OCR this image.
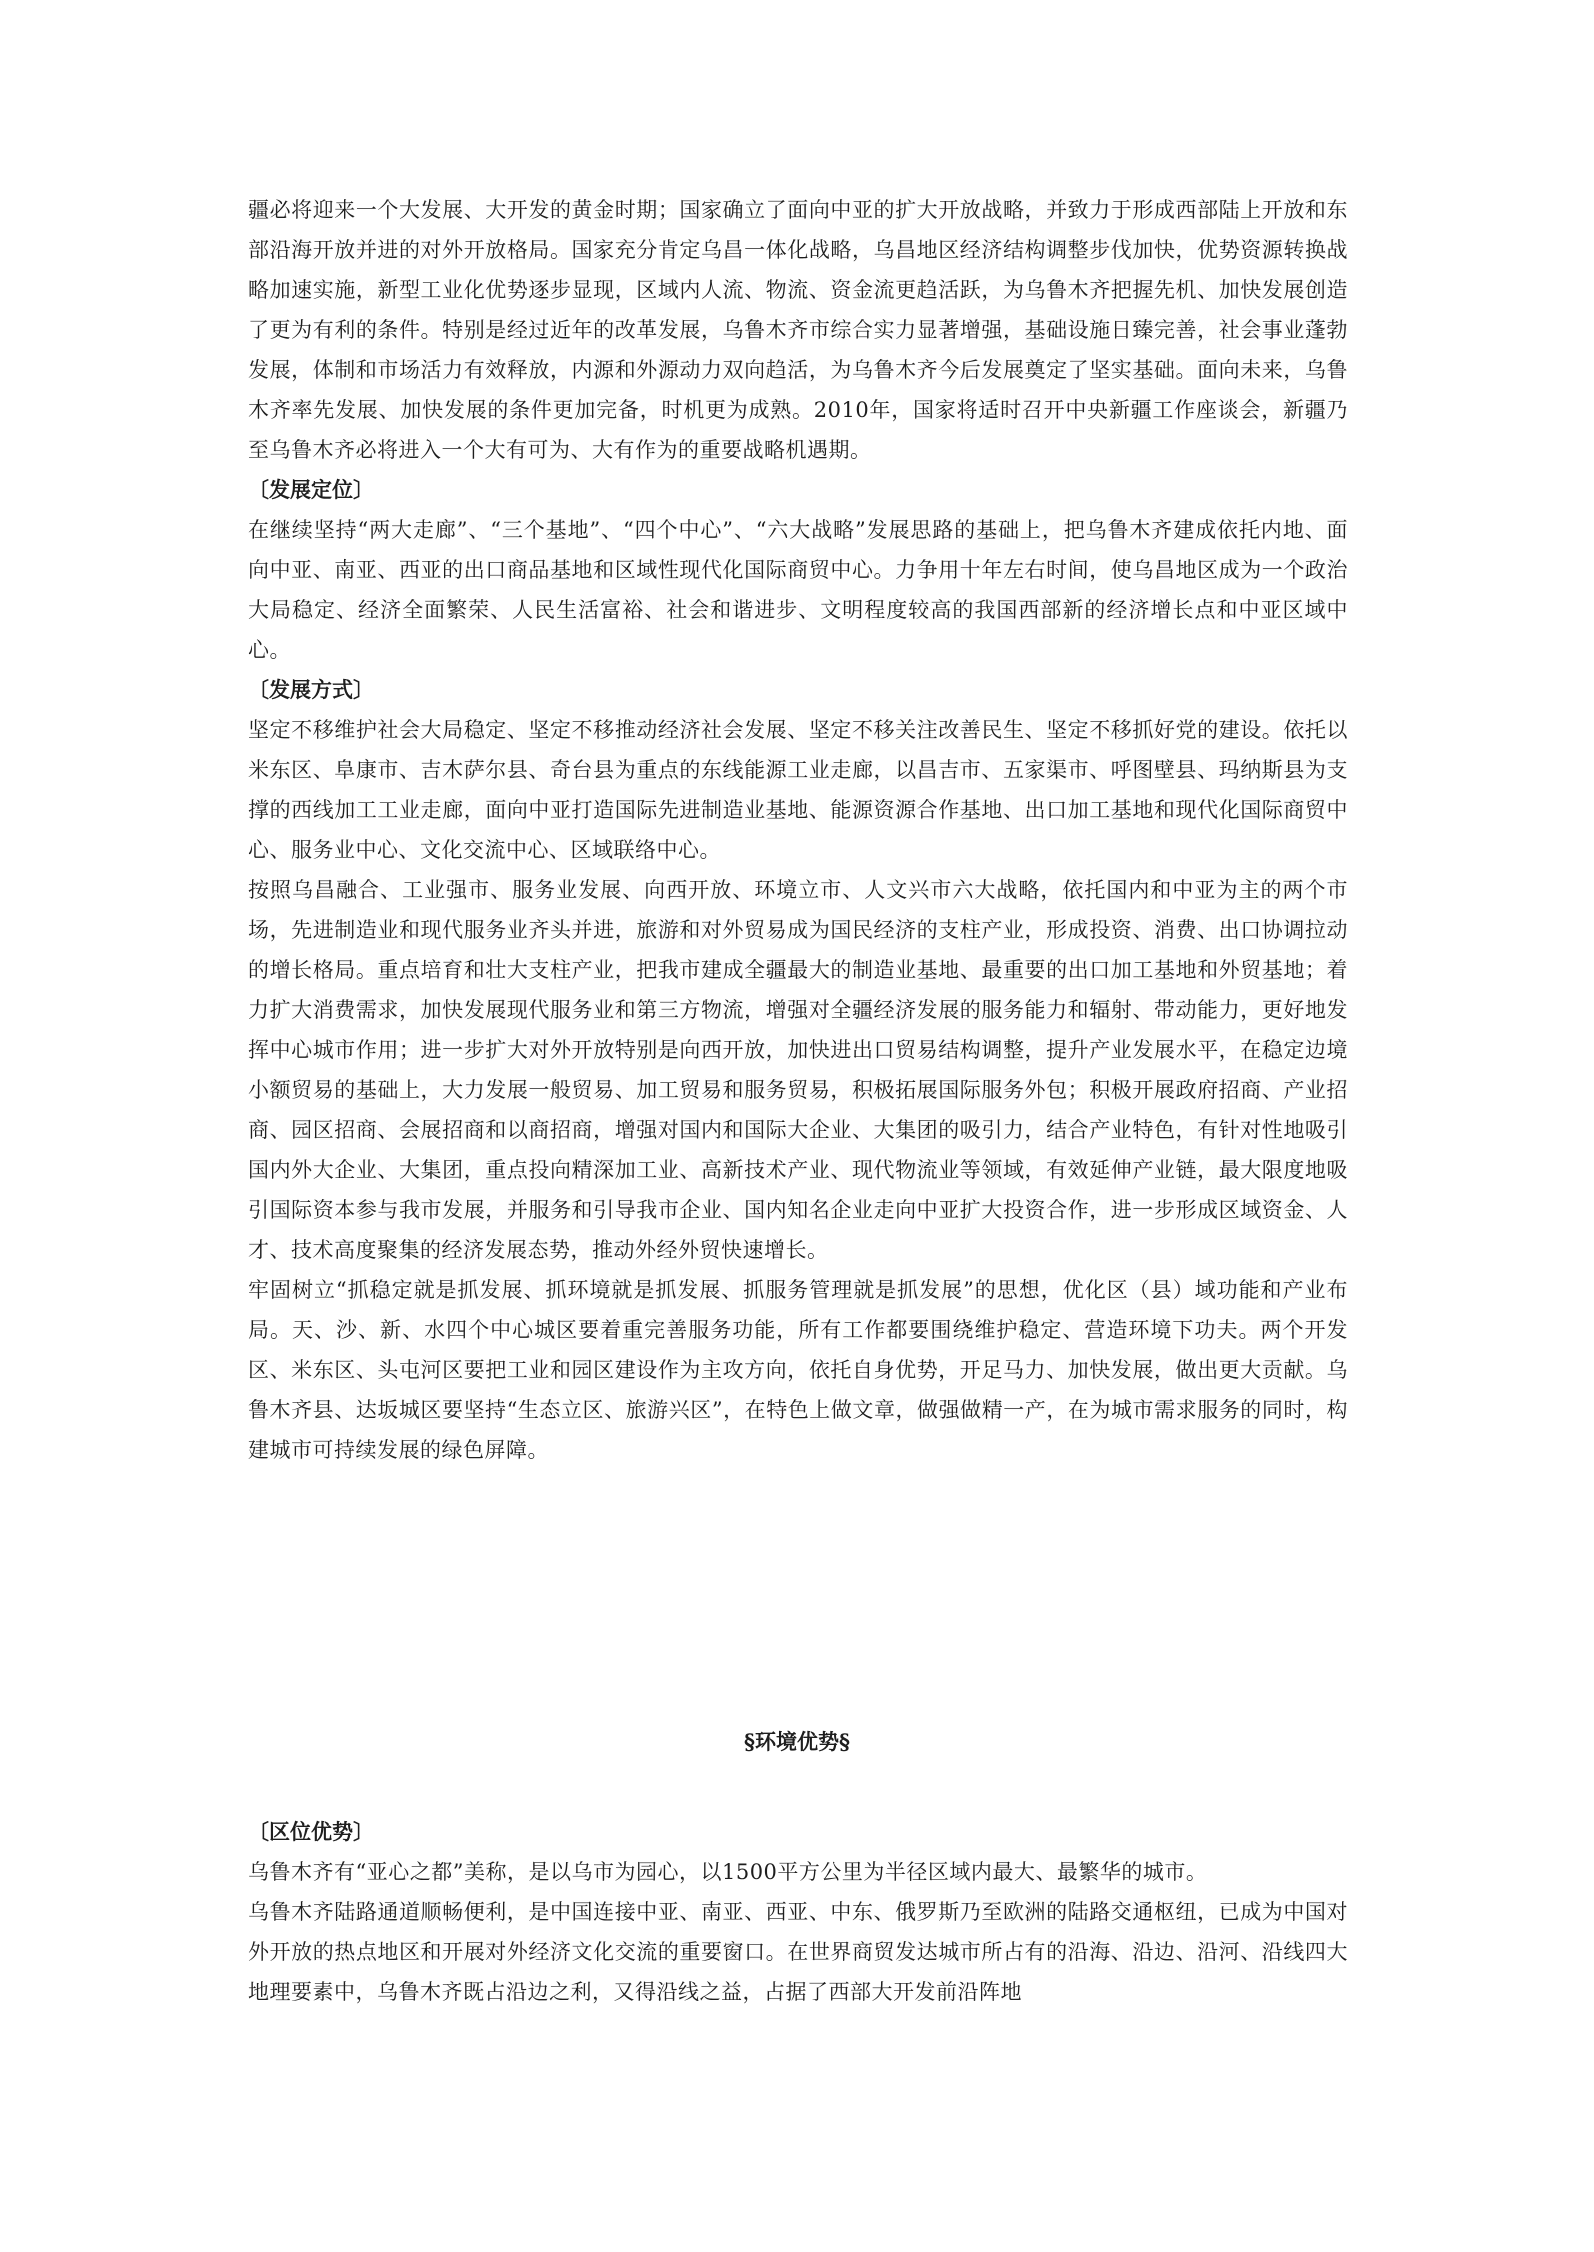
疆必将迎来一个大发展、大开发的黄金时期；国家确立了面向中亚的扩大开放战略，并致力于形成西部陆上开放和东部沿海开放并进的对外开放格局。国家充分肯定乌昌一体化战略，乌昌地区经济结构调整步伐加快，优势资源转换战略加速实施，新型工业化优势逐步显现，区域内人流、物流、资金流更趋活跃，为乌鲁木齐把握先机、加快发展创造了更为有利的条件。特别是经过近年的改革发展，乌鲁木齐市综合实力显著增强，基础设施日臻完善，社会事业蓬勃发展，体制和市场活力有效释放，内源和外源动力双向趋活，为乌鲁木齐今后发展奠定了坚实基础。面向未来，乌鲁木齐率先发展、加快发展的条件更加完备，时机更为成熟。2010年，国家将适时召开中央新疆工作座谈会，新疆乃至乌鲁木齐必将进入一个大有可为、大有作为的重要战略机遇期。

〔发展定位〕

在继续坚持“两大走廊”、“三个基地”、“四个中心”、“六大战略”发展思路的基础上，把乌鲁木齐建成依托内地、面向中亚、南亚、西亚的出口商品基地和区域性现代化国际商贸中心。力争用十年左右时间，使乌昌地区成为一个政治大局稳定、经济全面繁荣、人民生活富裕、社会和谐进步、文明程度较高的我国西部新的经济增长点和中亚区域中心。

〔发展方式〕

坚定不移维护社会大局稳定、坚定不移推动经济社会发展、坚定不移关注改善民生、坚定不移抓好党的建设。依托以米东区、阜康市、吉木萨尔县、奇台县为重点的东线能源工业走廊，以昌吉市、五家渠市、呼图壁县、玛纳斯县为支撑的西线加工工业走廊，面向中亚打造国际先进制造业基地、能源资源合作基地、出口加工基地和现代化国际商贸中心、服务业中心、文化交流中心、区域联络中心。

按照乌昌融合、工业强市、服务业发展、向西开放、环境立市、人文兴市六大战略，依托国内和中亚为主的两个市场，先进制造业和现代服务业齐头并进，旅游和对外贸易成为国民经济的支柱产业，形成投资、消费、出口协调拉动的增长格局。重点培育和壮大支柱产业，把我市建成全疆最大的制造业基地、最重要的出口加工基地和外贸基地；着力扩大消费需求，加快发展现代服务业和第三方物流，增强对全疆经济发展的服务能力和辐射、带动能力，更好地发挥中心城市作用；进一步扩大对外开放特别是向西开放，加快进出口贸易结构调整，提升产业发展水平，在稳定边境小额贸易的基础上，大力发展一般贸易、加工贸易和服务贸易，积极拓展国际服务外包；积极开展政府招商、产业招商、园区招商、会展招商和以商招商，增强对国内和国际大企业、大集团的吸引力，结合产业特色，有针对性地吸引国内外大企业、大集团，重点投向精深加工业、高新技术产业、现代物流业等领域，有效延伸产业链，最大限度地吸引国际资本参与我市发展，并服务和引导我市企业、国内知名企业走向中亚扩大投资合作，进一步形成区域资金、人才、技术高度聚集的经济发展态势，推动外经外贸快速增长。

牢固树立“抓稳定就是抓发展、抓环境就是抓发展、抓服务管理就是抓发展”的思想，优化区（县）域功能和产业布局。天、沙、新、水四个中心城区要着重完善服务功能，所有工作都要围绕维护稳定、营造环境下功夫。两个开发区、米东区、头屯河区要把工业和园区建设作为主攻方向，依托自身优势，开足马力、加快发展，做出更大贡献。乌鲁木齐县、达坂城区要坚持“生态立区、旅游兴区”，在特色上做文章，做强做精一产，在为城市需求服务的同时，构建城市可持续发展的绿色屏障。

§环境优势§

〔区位优势〕

乌鲁木齐有“亚心之都”美称，是以乌市为园心，以1500平方公里为半径区域内最大、最繁华的城市。

乌鲁木齐陆路通道顺畅便利，是中国连接中亚、南亚、西亚、中东、俄罗斯乃至欧洲的陆路交通枢纽，已成为中国对外开放的热点地区和开展对外经济文化交流的重要窗口。在世界商贸发达城市所占有的沿海、沿边、沿河、沿线四大地理要素中，乌鲁木齐既占沿边之利，又得沿线之益，占据了西部大开发前沿阵地
